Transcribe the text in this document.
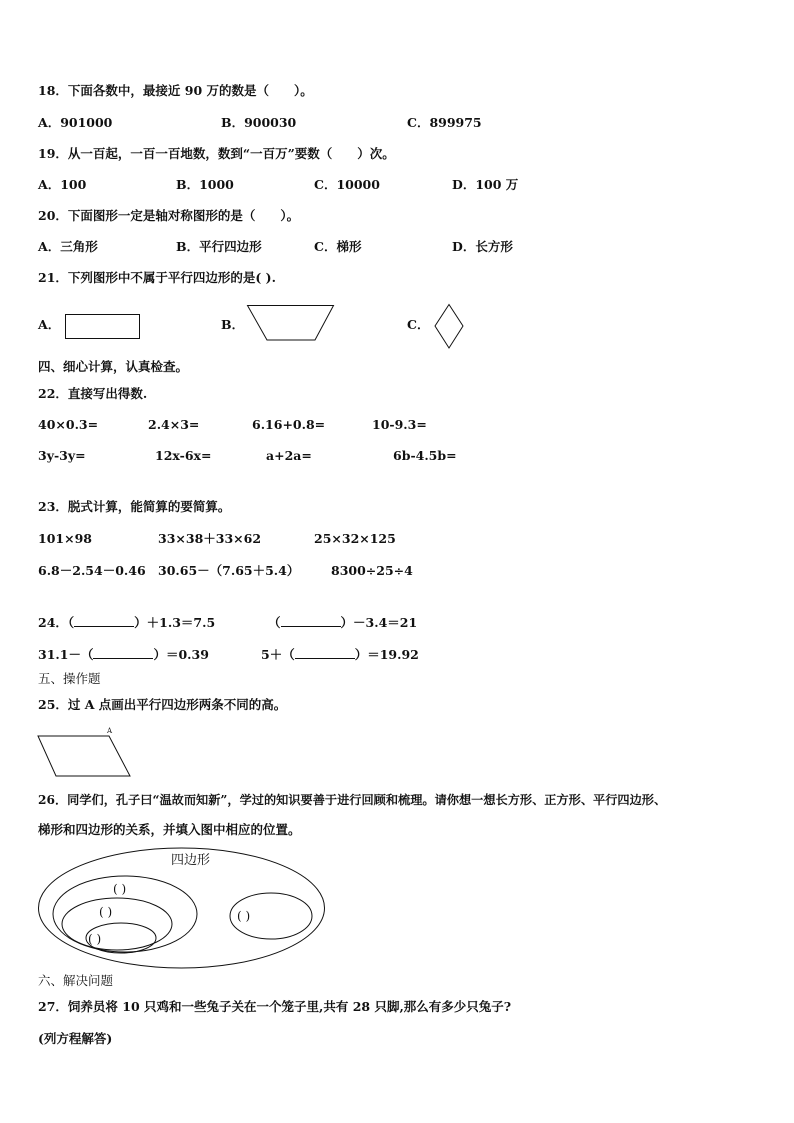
18．下面各数中，最接近 90 万的数是（　　）。
A．901000	B．900030	C．899975
19．从一百起，一百一百地数，数到“一百万”要数（　　）次。
A．100	B．1000	C．10000	D．100 万
20．下面图形一定是轴对称图形的是（　　）。
A．三角形	B．平行四边形	C．梯形	D．长方形
21．下列图形中不属于平行四边形的是( ).
A．	B．	C．
四、细心计算，认真检查。
22．直接写出得数.
40×0.3=	2.4×3=	6.16+0.8=	10-9.3=
3y-3y=	12x-6x=	a+2a=	6b-4.5b=
23．脱式计算，能简算的要简算。
101×98	33×38＋33×62	25×32×125
6.8－2.54－0.46 30.65－（7.65＋5.4）	8300÷25÷4
24．（	）＋1.3＝7.5	（	）－3.4＝21
31.1－（	）＝0.39	5＋（	）＝19.92
五、操作题
25．过 A 点画出平行四边形两条不同的高。
A
26．同学们，孔子曰“温故而知新”，学过的知识要善于进行回顾和梳理。请你想一想长方形、正方形、平行四边形、
梯形和四边形的关系，并填入图中相应的位置。
四边形
( )
( )
( )
( )
六、解决问题
27．饲养员将 10 只鸡和一些兔子关在一个笼子里,共有 28 只脚,那么有多少只兔子?
(列方程解答)
